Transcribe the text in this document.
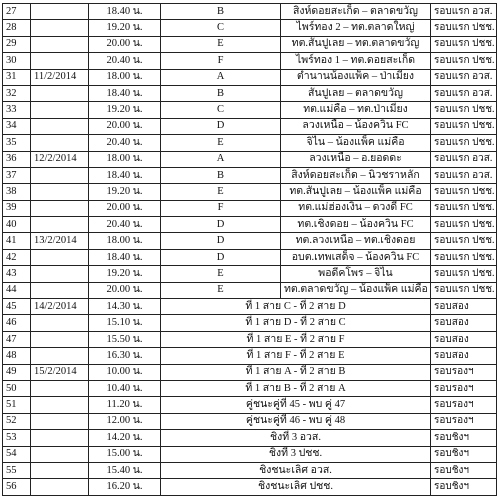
27		18.40 น.	B	สิงห์ดอยสะเก็ด – ตลาดขวัญ	รอบแรก อวส.
28		19.20 น.	C	ไพร์ทอง 2 – ทต.ตลาดใหญ่	รอบแรก ปชช.
29		20.00 น.	E	ทต.สันปูเลย – ทต.ตลาดขวัญ	รอบแรก ปชช.
30		20.40 น.	F	ไพร์ทอง 1 – ทต.ดอยสะเก็ด	รอบแรก ปชช.
31	11/2/2014	18.00 น.	A	ตำนานน้องแพ็ค – ป่าเมี่ยง	รอบแรก อวส.
32		18.40 น.	B	สันปูเลย – ตลาดขวัญ	รอบแรก อวส.
33		19.20 น.	C	ทต.แม่คือ – ทต.ป่าเมี่ยง	รอบแรก ปชช.
34		20.00 น.	D	ลวงเหนือ – น้องควิน FC	รอบแรก ปชช.
35		20.40 น.	E	จิไน – น้องแพ็ค แม่คือ	รอบแรก ปชช.
36	12/2/2014	18.00 น.	A	ลวงเหนือ – อ.ยอดดะ	รอบแรก อวส.
37		18.40 น.	B	สิงห์ดอยสะเก็ด – นิวชราหลัก	รอบแรก อวส.
38		19.20 น.	E	ทต.สันปูเลย – น้องแพ็ค แม่คือ	รอบแรก ปชช.
39		20.00 น.	F	ทต.แม่ฮ่องเงิน – ดวงดี FC	รอบแรก ปชช.
40		20.40 น.	D	ทต.เชิงดอย – น้องควิน FC	รอบแรก ปชช.
41	13/2/2014	18.00 น.	D	ทต.ลวงเหนือ – ทต.เชิงดอย	รอบแรก ปชช.
42		18.40 น.	D	อบต.เทพเสด็จ – น้องควิน FC	รอบแรก ปชช.
43		19.20 น.	E	พอดีคโพร – จิไน	รอบแรก ปชช.
44		20.00 น.	E	ทต.ตลาดขวัญ – น้องแพ็ค แม่คือ	รอบแรก ปชช.
45	14/2/2014	14.30 น.	ที่ 1 สาย C - ที่ 2 สาย D		รอบสอง
46		15.10 น.	ที่ 1 สาย D - ที่ 2 สาย C		รอบสอง
47		15.50 น.	ที่ 1 สาย E - ที่ 2 สาย F		รอบสอง
48		16.30 น.	ที่ 1 สาย F - ที่ 2 สาย E		รอบสอง
49	15/2/2014	10.00 น.	ที่ 1 สาย A - ที่ 2 สาย B		รอบรองฯ
50		10.40 น.	ที่ 1 สาย B - ที่ 2 สาย A		รอบรองฯ
51		11.20 น.	คู่ชนะคู่ที่ 45 - พบ คู่ 47		รอบรองฯ
52		12.00 น.	คู่ชนะคู่ที่ 46 - พบ คู่ 48		รอบรองฯ
53		14.20 น.	ชิงที่ 3 อวส.		รอบชิงฯ
54		15.00 น.	ชิงที่ 3 ปชช.		รอบชิงฯ
55		15.40 น.	ชิงชนะเลิศ อวส.		รอบชิงฯ
56		16.20 น.	ชิงชนะเลิศ ปชช.		รอบชิงฯ
